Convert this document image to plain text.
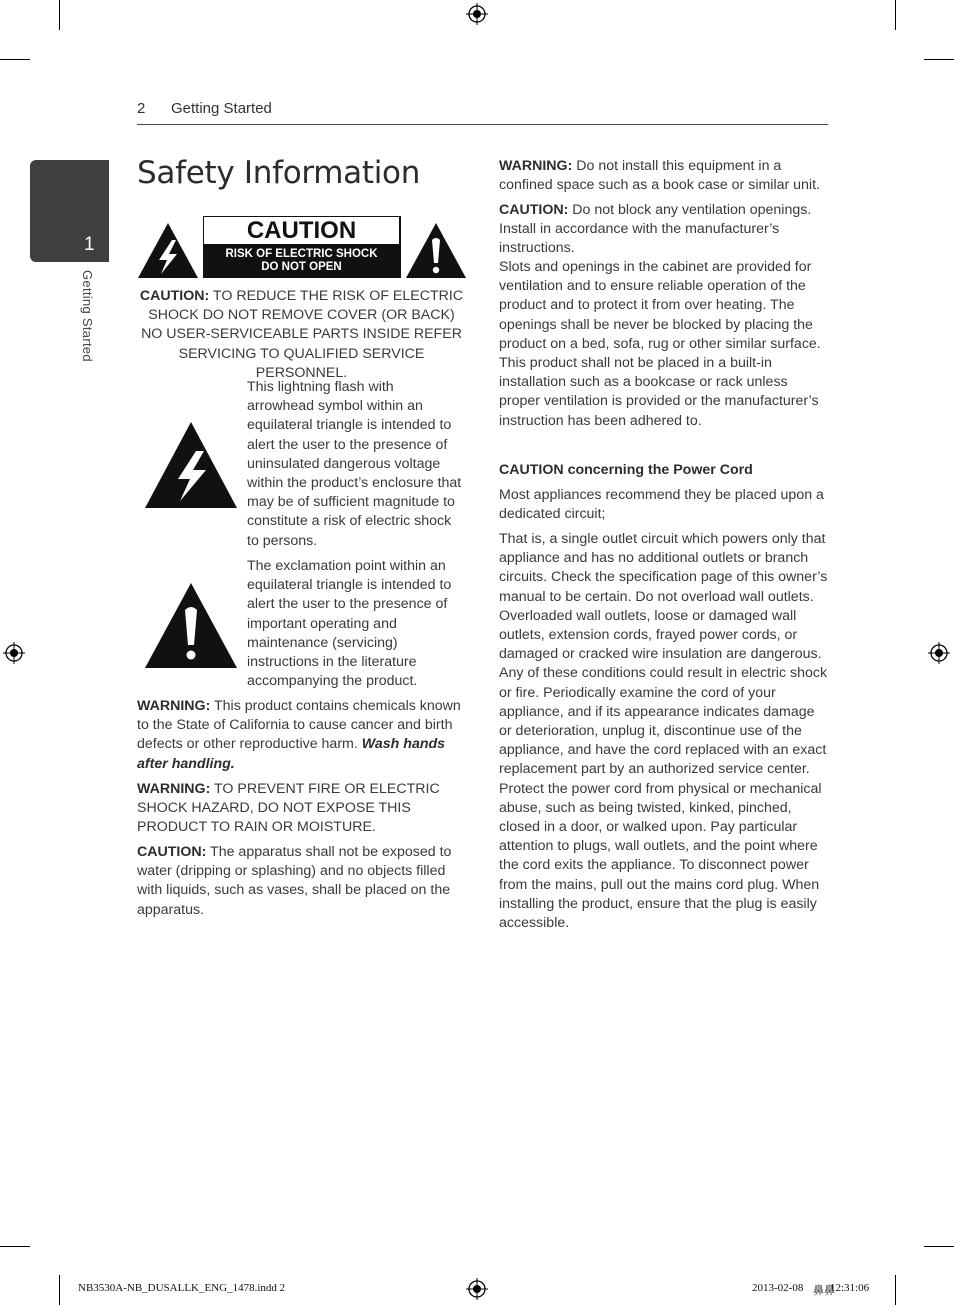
1
Getting Started
2 Getting Started
Safety Information
CAUTION
RISK OF ELECTRIC SHOCK
DO NOT OPEN

CAUTION: TO REDUCE THE RISK OF ELECTRIC SHOCK DO NOT REMOVE COVER (OR BACK) NO USER-SERVICEABLE PARTS INSIDE REFER SERVICING TO QUALIFIED SERVICE PERSONNEL.

This lightning flash with arrowhead symbol within an equilateral triangle is intended to alert the user to the presence of uninsulated dangerous voltage within the product’s enclosure that may be of sufficient magnitude to constitute a risk of electric shock to persons.

The exclamation point within an equilateral triangle is intended to alert the user to the presence of important operating and maintenance (servicing) instructions in the literature accompanying the product.

WARNING: This product contains chemicals known to the State of California to cause cancer and birth defects or other reproductive harm. Wash hands after handling.

WARNING: TO PREVENT FIRE OR ELECTRIC SHOCK HAZARD, DO NOT EXPOSE THIS PRODUCT TO RAIN OR MOISTURE.

CAUTION: The apparatus shall not be exposed to water (dripping or splashing) and no objects filled with liquids, such as vases, shall be placed on the apparatus.

WARNING: Do not install this equipment in a confined space such as a book case or similar unit.

CAUTION: Do not block any ventilation openings. Install in accordance with the manufacturer’s instructions.

Slots and openings in the cabinet are provided for ventilation and to ensure reliable operation of the product and to protect it from over heating. The openings shall be never be blocked by placing the product on a bed, sofa, rug or other similar surface. This product shall not be placed in a built-in installation such as a bookcase or rack unless proper ventilation is provided or the manufacturer’s instruction has been adhered to.

CAUTION concerning the Power Cord

Most appliances recommend they be placed upon a dedicated circuit;

That is, a single outlet circuit which powers only that appliance and has no additional outlets or branch circuits. Check the specification page of this owner’s manual to be certain. Do not overload wall outlets. Overloaded wall outlets, loose or damaged wall outlets, extension cords, frayed power cords, or damaged or cracked wire insulation are dangerous. Any of these conditions could result in electric shock or fire. Periodically examine the cord of your appliance, and if its appearance indicates damage or deterioration, unplug it, discontinue use of the appliance, and have the cord replaced with an exact replacement part by an authorized service center. Protect the power cord from physical or mechanical abuse, such as being twisted, kinked, pinched, closed in a door, or walked upon. Pay particular attention to plugs, wall outlets, and the point where the cord exits the appliance. To disconnect power from the mains, pull out the mains cord plug. When installing the product, ensure that the plug is easily accessible.

NB3530A-NB_DUSALLK_ENG_1478.indd 2	2013-02-08 ⿐⿐
12:31:06
